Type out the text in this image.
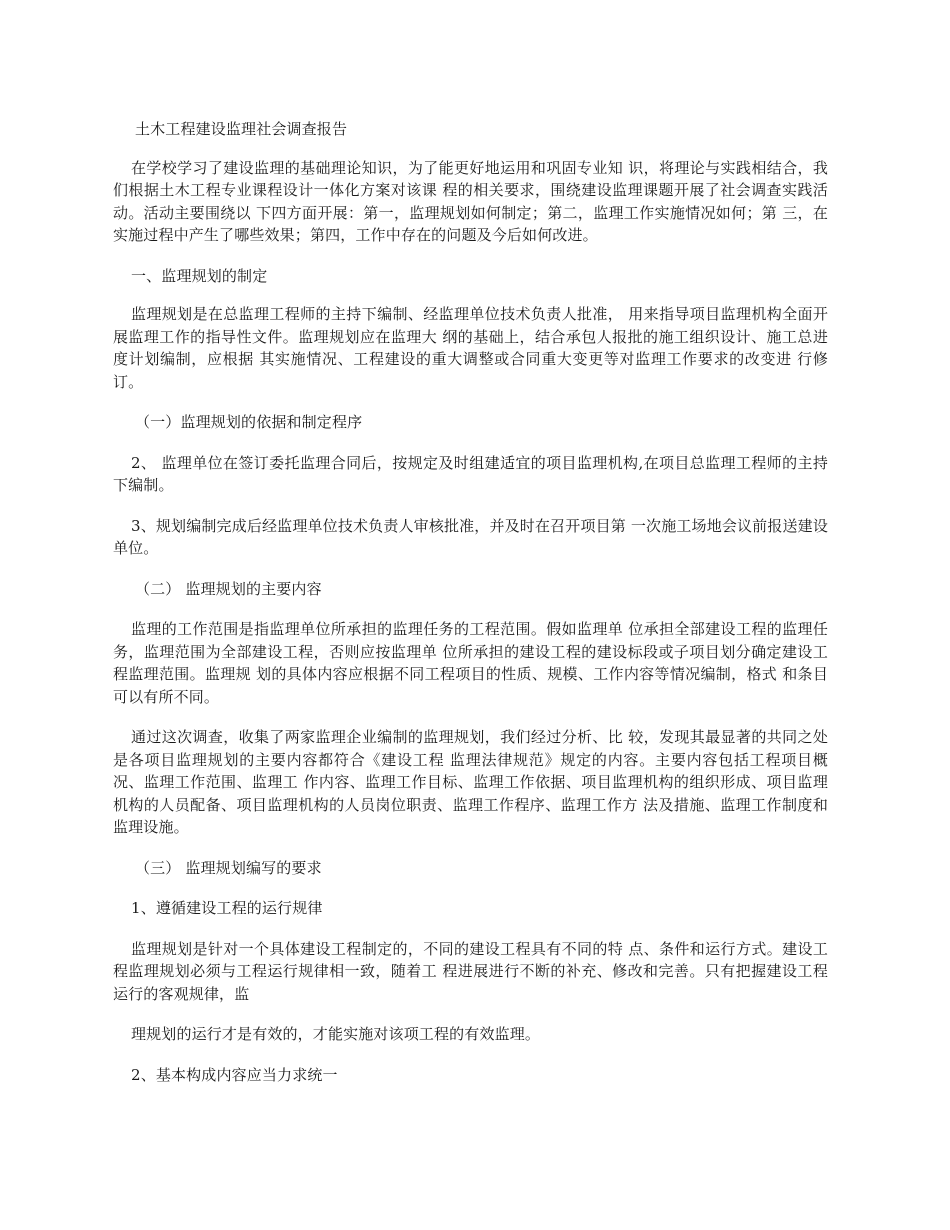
土木工程建设监理社会调查报告

在学校学习了建设监理的基础理论知识，为了能更好地运用和巩固专业知 识，将理论与实践相结合，我们根据土木工程专业课程设计一体化方案对该课 程的相关要求，围绕建设监理课题开展了社会调查实践活动。活动主要围绕以 下四方面开展：第一，监理规划如何制定；第二，监理工作实施情况如何；第 三，在实施过程中产生了哪些效果；第四，工作中存在的问题及今后如何改进。

一、监理规划的制定

监理规划是在总监理工程师的主持下编制、经监理单位技术负责人批准， 用来指导项目监理机构全面开展监理工作的指导性文件。监理规划应在监理大 纲的基础上，结合承包人报批的施工组织设计、施工总进度计划编制，应根据 其实施情况、工程建设的重大调整或合同重大变更等对监理工作要求的改变进 行修订。

（一）监理规划的依据和制定程序

2、 监理单位在签订委托监理合同后，按规定及时组建适宜的项目监理机构,在项目总监理工程师的主持下编制。

3、规划编制完成后经监理单位技术负责人审核批准，并及时在召开项目第 一次施工场地会议前报送建设单位。

（二） 监理规划的主要内容

监理的工作范围是指监理单位所承担的监理任务的工程范围。假如监理单 位承担全部建设工程的监理任务，监理范围为全部建设工程，否则应按监理单 位所承担的建设工程的建设标段或子项目划分确定建设工程监理范围。监理规 划的具体内容应根据不同工程项目的性质、规模、工作内容等情况编制，格式 和条目可以有所不同。

通过这次调查，收集了两家监理企业编制的监理规划，我们经过分析、比 较，发现其最显著的共同之处是各项目监理规划的主要内容都符合《建设工程 监理法律规范》规定的内容。主要内容包括工程项目概况、监理工作范围、监理工 作内容、监理工作目标、监理工作依据、项目监理机构的组织形成、项目监理 机构的人员配备、项目监理机构的人员岗位职责、监理工作程序、监理工作方 法及措施、监理工作制度和监理设施。

（三） 监理规划编写的要求

1、遵循建设工程的运行规律

监理规划是针对一个具体建设工程制定的，不同的建设工程具有不同的特 点、条件和运行方式。建设工程监理规划必须与工程运行规律相一致，随着工 程进展进行不断的补充、修改和完善。只有把握建设工程运行的客观规律，监

理规划的运行才是有效的，才能实施对该项工程的有效监理。

2、基本构成内容应当力求统一
